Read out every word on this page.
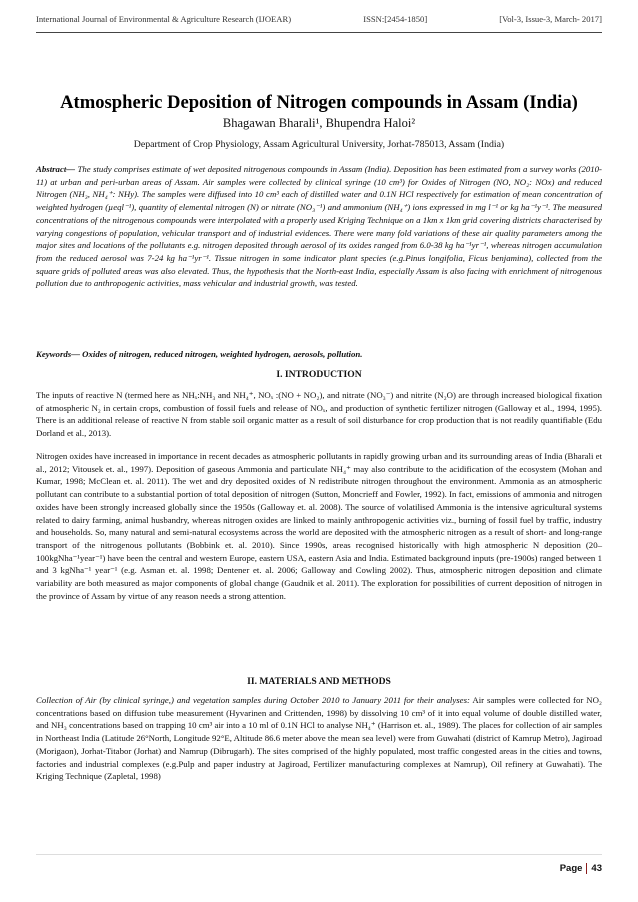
International Journal of Environmental & Agriculture Research (IJOEAR)	ISSN:[2454-1850]	[Vol-3, Issue-3, March- 2017]
Atmospheric Deposition of Nitrogen compounds in Assam (India)
Bhagawan Bharali¹, Bhupendra Haloi²
Department of Crop Physiology, Assam Agricultural University, Jorhat-785013, Assam (India)

Abstract— The study comprises estimate of wet deposited nitrogenous compounds in Assam (India). Deposition has been estimated from a survey works (2010-11) at urban and peri-urban areas of Assam. Air samples were collected by clinical syringe (10 cm³) for Oxides of Nitrogen (NO, NO₂: NOx) and reduced Nitrogen (NH₃, NH₄⁺: NHy). The samples were diffused into 10 cm³ each of distilled water and 0.1N HCl respectively for estimation of mean concentration of weighted hydrogen (µeql⁻¹), quantity of elemental nitrogen (N) or nitrate (NO₃⁻¹) and ammonium (NH₄⁺) ions expressed in mg l⁻¹ or kg ha⁻¹y⁻¹. The measured concentrations of the nitrogenous compounds were interpolated with a properly used Kriging Technique on a 1km x 1km grid covering districts characterised by varying congestions of population, vehicular transport and of industrial evidences. There were many fold variations of these air quality parameters among the major sites and locations of the pollutants e.g. nitrogen deposited through aerosol of its oxides ranged from 6.0-38 kg ha⁻¹yr⁻¹, whereas nitrogen accumulation from the reduced aerosol was 7-24 kg ha⁻¹yr⁻¹. Tissue nitrogen in some indicator plant species (e.g.Pinus longifolia, Ficus benjamina), collected from the square grids of polluted areas was also elevated. Thus, the hypothesis that the North-east India, especially Assam is also facing with enrichment of nitrogenous pollution due to anthropogenic activities, mass vehicular and industrial growth, was tested.

Keywords— Oxides of nitrogen, reduced nitrogen, weighted hydrogen, aerosols, pollution.
I. INTRODUCTION
The inputs of reactive N (termed here as NHₓ:NH₃ and NH₄⁺, NOₓ :(NO + NO₂), and nitrate (NO₃⁻) and nitrite (N₂O) are through increased biological fixation of atmospheric N₂ in certain crops, combustion of fossil fuels and release of NOₓ, and production of synthetic fertilizer nitrogen (Galloway et al., 1994, 1995). There is an additional release of reactive N from stable soil organic matter as a result of soil disturbance for crop production that is not readily quantifiable (Edu Dorland et al., 2013).
Nitrogen oxides have increased in importance in recent decades as atmospheric pollutants in rapidly growing urban and its surrounding areas of India (Bharali et al., 2012; Vitousek et. al., 1997). Deposition of gaseous Ammonia and particulate NH₄⁺ may also contribute to the acidification of the ecosystem (Mohan and Kumar, 1998; McClean et. al. 2011). The wet and dry deposited oxides of N redistribute nitrogen throughout the environment. Ammonia as an atmospheric pollutant can contribute to a substantial portion of total deposition of nitrogen (Sutton, Moncrieff and Fowler, 1992). In fact, emissions of ammonia and nitrogen oxides have been strongly increased globally since the 1950s (Galloway et. al. 2008). The source of volatilised Ammonia is the intensive agricultural systems related to dairy farming, animal husbandry, whereas nitrogen oxides are linked to mainly anthropogenic activities viz., burning of fossil fuel by traffic, industry and households. So, many natural and semi-natural ecosystems across the world are deposited with the atmospheric nitrogen as a result of short- and long-range transport of the nitrogenous pollutants (Bobbink et. al. 2010). Since 1990s, areas recognised historically with high atmospheric N deposition (20–100kgNha⁻¹year⁻¹) have been the central and western Europe, eastern USA, eastern Asia and India. Estimated background inputs (pre-1900s) ranged between 1 and 3 kgNha⁻¹ year⁻¹ (e.g. Asman et. al. 1998; Dentener et. al. 2006; Galloway and Cowling 2002). Thus, atmospheric nitrogen deposition and climate variability are both measured as major components of global change (Gaudnik et al. 2011). The exploration for possibilities of current deposition of nitrogen in the province of Assam by virtue of any reason needs a strong attention.
II. MATERIALS AND METHODS

Collection of Air (by clinical syringe,) and vegetation samples during October 2010 to January 2011 for their analyses: Air samples were collected for NO₂ concentrations based on diffusion tube measurement (Hyvarinen and Crittenden, 1998) by dissolving 10 cm³ of it into equal volume of double distilled water, and NH₃ concentrations based on trapping 10 cm³ air into a 10 ml of 0.1N HCl to analyse NH₄⁺ (Harrison et. al., 1989). The places for collection of air samples in Northeast India (Latitude 26°North, Longitude 92°E, Altitude 86.6 meter above the mean sea level) were from Guwahati (district of Kamrup Metro), Jagiroad (Morigaon), Jorhat-Titabor (Jorhat) and Namrup (Dibrugarh). The sites comprised of the highly populated, most traffic congested areas in the cities and towns, factories and industrial complexes (e.g.Pulp and paper industry at Jagiroad, Fertilizer manufacturing complexes at Namrup), Oil refinery at Guwahati). The Kriging Technique (Zapletal, 1998)

Page 43
